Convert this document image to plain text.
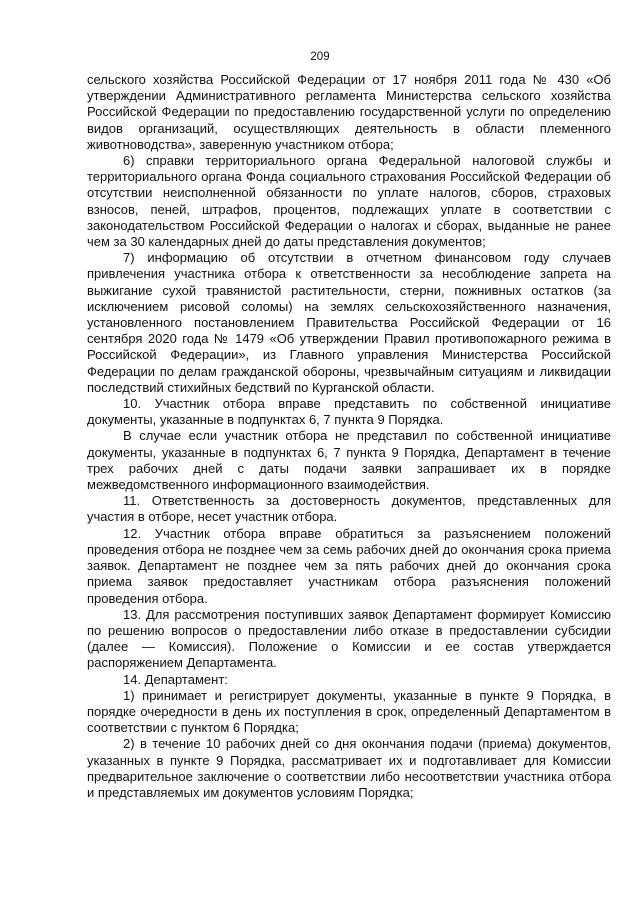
209

сельского хозяйства Российской Федерации от 17 ноября 2011 года № 430 «Об утверждении Административного регламента Министерства сельского хозяйства Российской Федерации по предоставлению государственной услуги по определению видов организаций, осуществляющих деятельность в области племенного животноводства», заверенную участником отбора;

6) справки территориального органа Федеральной налоговой службы и территориального органа Фонда социального страхования Российской Федерации об отсутствии неисполненной обязанности по уплате налогов, сборов, страховых взносов, пеней, штрафов, процентов, подлежащих уплате в соответствии с законодательством Российской Федерации о налогах и сборах, выданные не ранее чем за 30 календарных дней до даты представления документов;

7) информацию об отсутствии в отчетном финансовом году случаев привлечения участника отбора к ответственности за несоблюдение запрета на выжигание сухой травянистой растительности, стерни, пожнивных остатков (за исключением рисовой соломы) на землях сельскохозяйственного назначения, установленного постановлением Правительства Российской Федерации от 16 сентября 2020 года № 1479 «Об утверждении Правил противопожарного режима в Российской Федерации», из Главного управления Министерства Российской Федерации по делам гражданской обороны, чрезвычайным ситуациям и ликвидации последствий стихийных бедствий по Курганской области.

10. Участник отбора вправе представить по собственной инициативе документы, указанные в подпунктах 6, 7 пункта 9 Порядка.

В случае если участник отбора не представил по собственной инициативе документы, указанные в подпунктах 6, 7 пункта 9 Порядка, Департамент в течение трех рабочих дней с даты подачи заявки запрашивает их в порядке межведомственного информационного взаимодействия.

11. Ответственность за достоверность документов, представленных для участия в отборе, несет участник отбора.

12. Участник отбора вправе обратиться за разъяснением положений проведения отбора не позднее чем за семь рабочих дней до окончания срока приема заявок. Департамент не позднее чем за пять рабочих дней до окончания срока приема заявок предоставляет участникам отбора разъяснения положений проведения отбора.

13. Для рассмотрения поступивших заявок Департамент формирует Комиссию по решению вопросов о предоставлении либо отказе в предоставлении субсидии (далее — Комиссия). Положение о Комиссии и ее состав утверждается распоряжением Департамента.

14. Департамент:

1) принимает и регистрирует документы, указанные в пункте 9 Порядка, в порядке очередности в день их поступления в срок, определенный Департаментом в соответствии с пунктом 6 Порядка;

2) в течение 10 рабочих дней со дня окончания подачи (приема) документов, указанных в пункте 9 Порядка, рассматривает их и подготавливает для Комиссии предварительное заключение о соответствии либо несоответствии участника отбора и представляемых им документов условиям Порядка;
